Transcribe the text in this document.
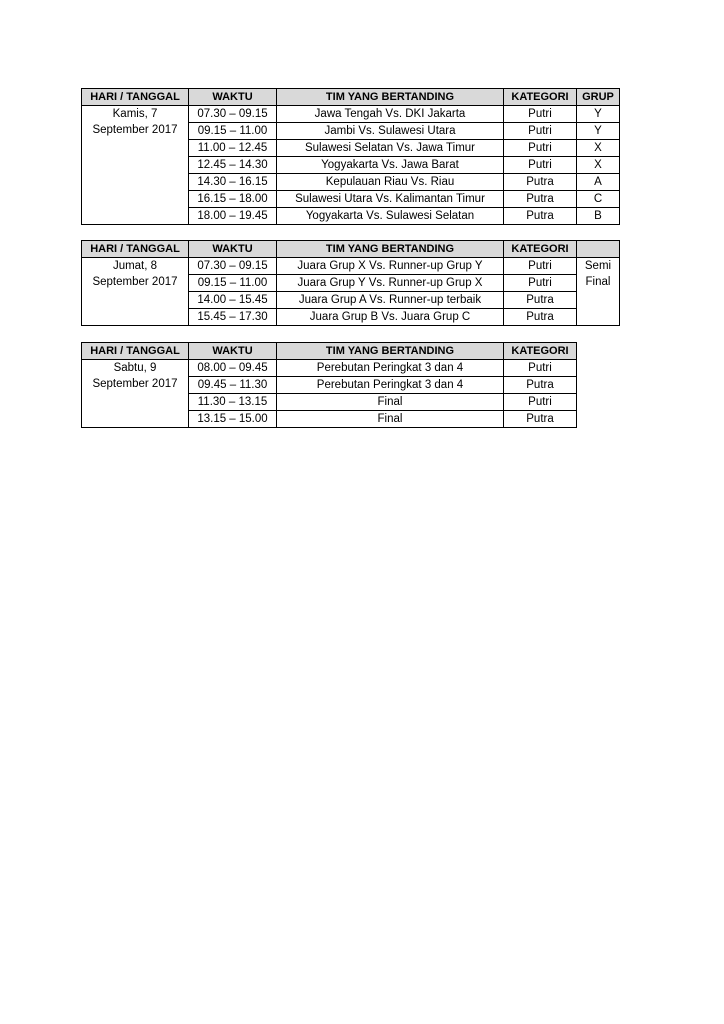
HARI / TANGGAL	WAKTU	TIM YANG BERTANDING	KATEGORI	GRUP
Kamis, 7
September 2017	07.30 – 09.15	Jawa Tengah Vs. DKI Jakarta	Putri	Y
	09.15 – 11.00	Jambi Vs. Sulawesi Utara	Putri	Y
	11.00 – 12.45	Sulawesi Selatan Vs. Jawa Timur	Putri	X
	12.45 – 14.30	Yogyakarta Vs. Jawa Barat	Putri	X
	14.30 – 16.15	Kepulauan Riau Vs. Riau	Putra	A
	16.15 – 18.00	Sulawesi Utara Vs. Kalimantan Timur	Putra	C
	18.00 – 19.45	Yogyakarta Vs. Sulawesi Selatan	Putra	B
HARI / TANGGAL	WAKTU	TIM YANG BERTANDING	KATEGORI	
Jumat, 8
September 2017	07.30 – 09.15	Juara Grup X Vs. Runner-up Grup Y	Putri	Semi
Final
	09.15 – 11.00	Juara Grup Y Vs. Runner-up Grup X	Putri	
	14.00 – 15.45	Juara Grup A Vs. Runner-up terbaik	Putra	
	15.45 – 17.30	Juara Grup B Vs. Juara Grup C	Putra	
HARI / TANGGAL	WAKTU	TIM YANG BERTANDING	KATEGORI
Sabtu, 9
September 2017	08.00 – 09.45	Perebutan Peringkat 3 dan 4	Putri
	09.45 – 11.30	Perebutan Peringkat 3 dan 4	Putra
	11.30 – 13.15	Final	Putri
	13.15 – 15.00	Final	Putra
